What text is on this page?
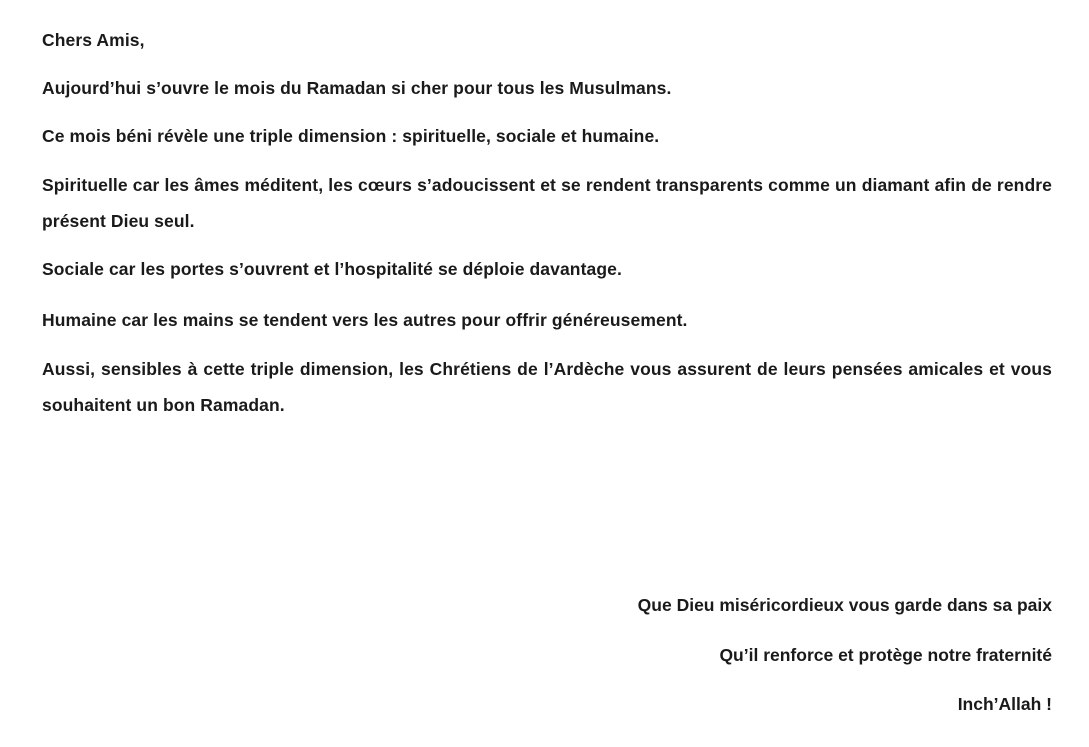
Chers Amis,

Aujourd’hui s’ouvre le mois du Ramadan si cher pour tous les Musulmans.

Ce mois béni révèle une triple dimension : spirituelle, sociale et humaine.

Spirituelle car les âmes méditent, les cœurs s’adoucissent et se rendent transparents comme un diamant afin de rendre présent Dieu seul.

Sociale car les portes s’ouvrent et l’hospitalité se déploie davantage.

Humaine car les mains se tendent vers les autres pour offrir généreusement.

Aussi, sensibles à cette triple dimension, les Chrétiens de l’Ardèche vous assurent de leurs pensées amicales et vous souhaitent un bon Ramadan.

Que Dieu miséricordieux vous garde dans sa paix

Qu’il renforce et protège notre fraternité

Inch’Allah !
